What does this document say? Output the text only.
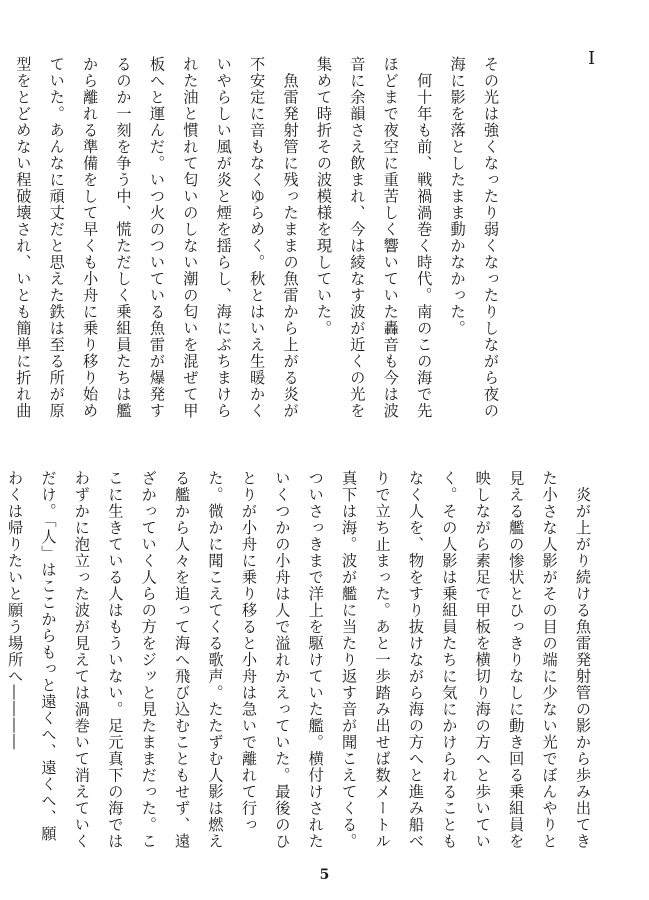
I

その光は強くなったり弱くなったりしながら夜の海に影を落としたまま動かなかった。

　何十年も前、戦禍渦巻く時代。南のこの海で先ほどまで夜空に重苦しく響いていた轟音も今は波音に余韻さえ飲まれ、今は綾なす波が近くの光を集めて時折その波模様を現していた。

　魚雷発射管に残ったままの魚雷から上がる炎が不安定に音もなくゆらめく。秋とはいえ生暖かくいやらしい風が炎と煙を揺らし、海にぶちまけられた油と慣れて匂いのしない潮の匂いを混ぜて甲板へと運んだ。いつ火のついている魚雷が爆発するのか一刻を争う中、慌ただしく乗組員たちは艦から離れる準備をして早くも小舟に乗り移り始めていた。あんなに頑丈だと思えた鉄は至る所が原型をとどめない程破壊され、いとも簡単に折れ曲

　炎が上がり続ける魚雷発射管の影から歩み出てきた小さな人影がその目の端に少ない光でぼんやりと見える艦の惨状とひっきりなしに動き回る乗組員を映しながら素足で甲板を横切り海の方へと歩いていく。その人影は乗組員たちに気にかけられることもなく人を、物をすり抜けながら海の方へと進み船べりで立ち止まった。あと一歩踏み出せば数メートル真下は海。波が艦に当たり返す音が聞こえてくる。ついさっきまで洋上を駆けていた艦。横付けされたいくつかの小舟は人で溢れかえっていた。最後のひとりが小舟に乗り移ると小舟は急いで離れて行った。微かに聞こえてくる歌声。たたずむ人影は燃える艦から人々を追って海へ飛び込むこともせず、遠ざかっていく人らの方をジッと見たままだった。ここに生きている人はもういない。足元真下の海ではわずかに泡立った波が見えては渦巻いて消えていくだけ。「人」はここからもっと遠くへ、遠くへ、願わくは帰りたいと願う場所へ――――

5
